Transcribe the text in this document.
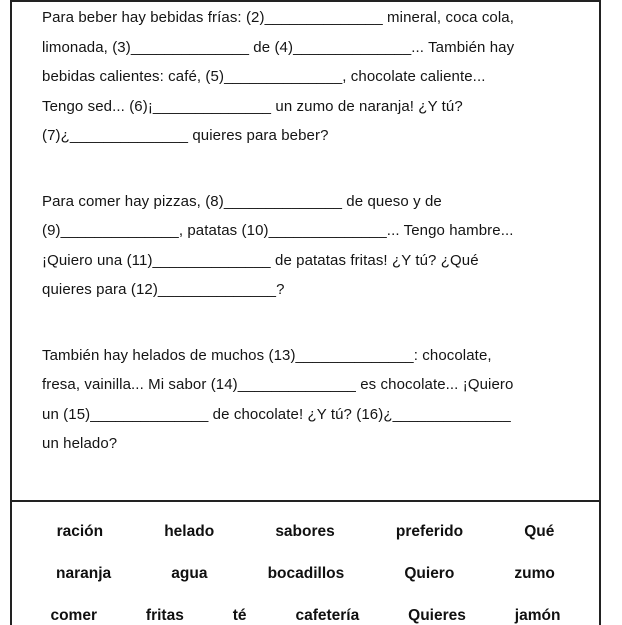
Para beber hay bebidas frías: (2)______________ mineral, coca cola,
limonada, (3)______________ de (4)______________... También hay
bebidas calientes: café, (5)______________, chocolate caliente...
Tengo sed... (6)¡______________ un zumo de naranja! ¿Y tú?
(7)¿______________ quieres para beber?
Para comer hay pizzas, (8)______________ de queso y de
(9)______________, patatas (10)______________... Tengo hambre...
¡Quiero una (11)______________ de patatas fritas! ¿Y tú? ¿Qué
quieres para (12)______________?
También hay helados de muchos (13)______________: chocolate,
fresa, vainilla... Mi sabor (14)______________ es chocolate... ¡Quiero
un (15)______________ de chocolate! ¿Y tú? (16)¿______________
un helado?
ración	helado	sabores	preferido	Qué
naranja	agua	bocadillos	Quiero	zumo
comer	fritas	té	cafetería	Quieres	jamón
